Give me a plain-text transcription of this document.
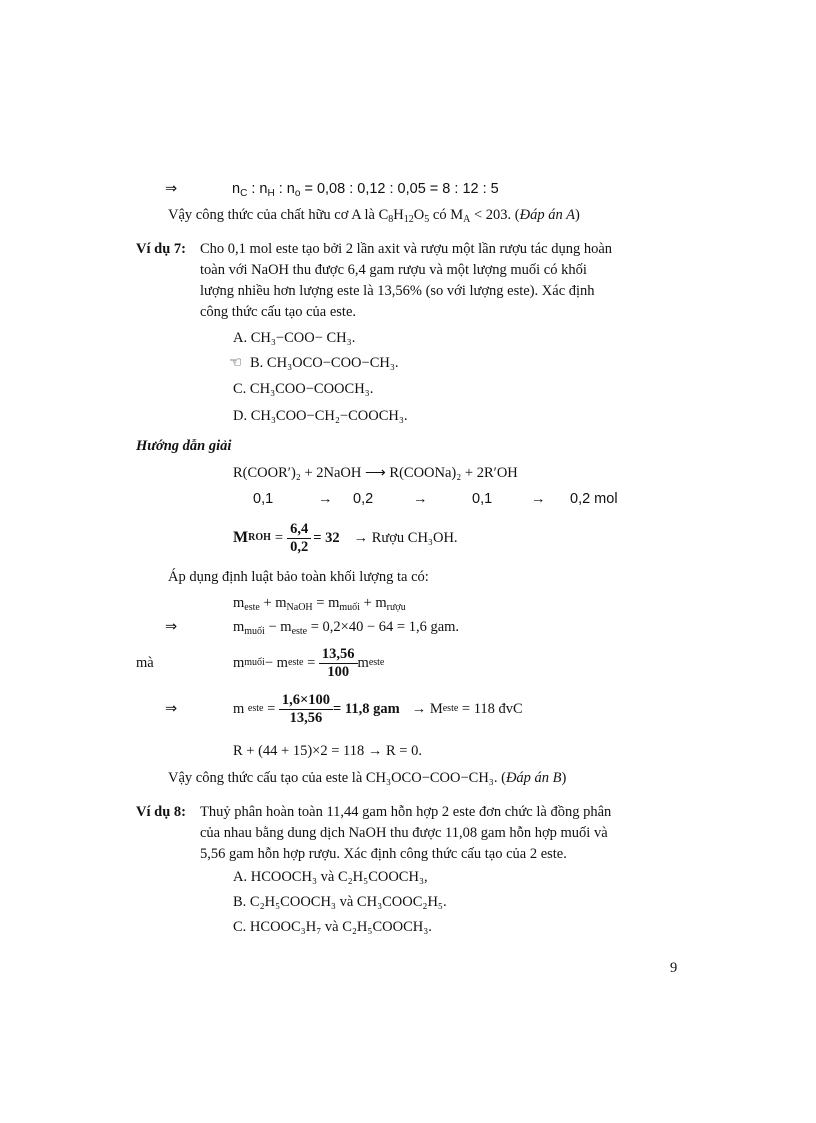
⇒	$n_C$ : $n_H$ : $n_o = 0,08$ : 0,12 : 0,05 = 8 : 12 : 5
Vậy công thức của chất hữu cơ A là $C_8H_{12}O_5$ có $M_A < 203$. (Đáp án A)
Ví dụ 7: Cho 0,1 mol este tạo bởi 2 lần axit và rượu một lần rượu tác dụng hoàn
toàn với NaOH thu được 6,4 gam rượu và một lượng muối có khối
lượng nhiều hơn lượng este là 13,56% (so với lượng este). Xác định
công thức cấu tạo của este.
A. CH₃−COO− CH₃.
☜ B. CH₃OCO−COO−CH₃.
C. CH₃COO−COOCH₃.
D. CH₃COO−CH₂−COOCH₃.
Hướng dẫn giải
R(COOR′)₂ + 2NaOH ⟶ R(COONa)₂ + 2R′OH
0,1	→ 0,2	→	0,1	→ 0,2 mol
M ROH = $\frac{6,4}{0,2} = 32$ → Rượu CH₃OH.
Áp dụng định luật bảo toàn khối lượng ta có:
$m_{este} + m_{NaOH} = m_{muối} + m_{rượu}$
⇒	$m_{muối} - m_{este} = 0,2\times 40 - 64 = 1,6$ gam.
mà	m muối − m este = $\frac{13,56}{100}$ m este
⇒	m este = $\frac{1,6\times 100}{13,56} = 11,8$ gam → M este = 118 đvC
R + (44 + 15)×2 = 118 → R = 0.
Vậy công thức cấu tạo của este là CH₃OCO−COO−CH₃. (Đáp án B)
Ví dụ 8: Thuỷ phân hoàn toàn 11,44 gam hỗn hợp 2 este đơn chức là đồng phân
của nhau bằng dung dịch NaOH thu được 11,08 gam hỗn hợp muối và
5,56 gam hỗn hợp rượu. Xác định công thức cấu tạo của 2 este.
A. HCOOCH₃ và C₂H₅COOCH₃,
B. C₂H₅COOCH₃ và CH₃COOC₂H₅.
C. HCOOC₃H₇ và C₂H₅COOCH₃.
9
